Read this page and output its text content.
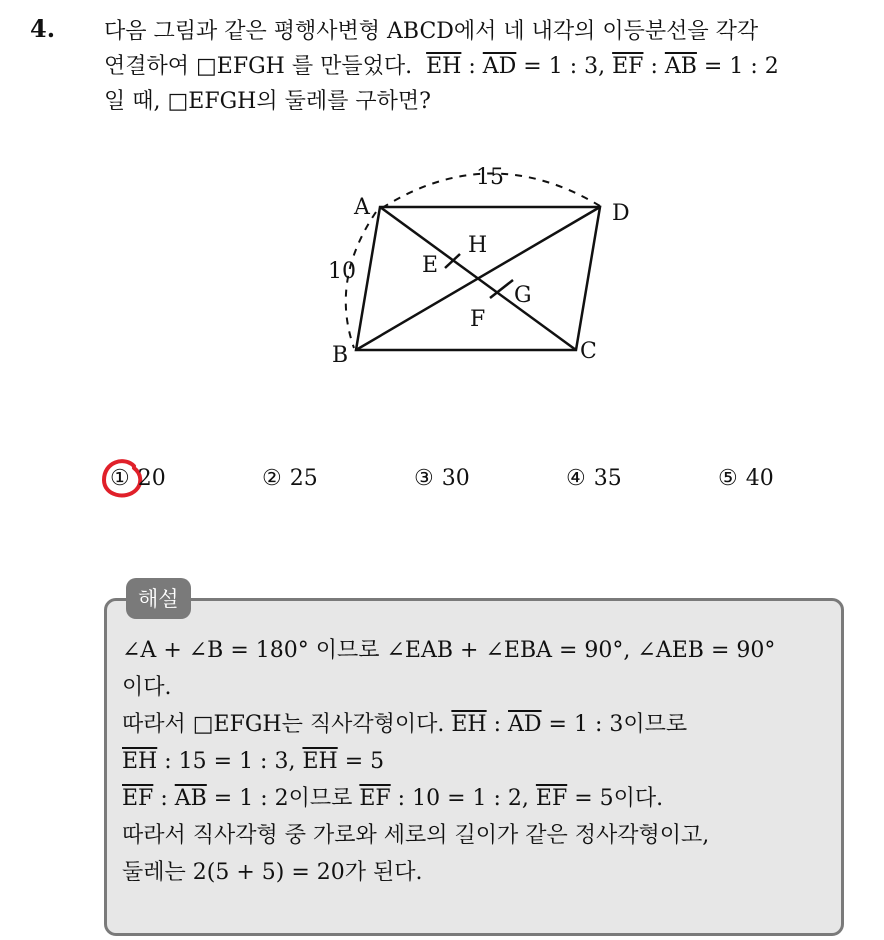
4. 다음 그림과 같은 평행사변형 ABCD에서 네 내각의 이등분선을 각각
연결하여 □EFGH 를 만들었다. $\overline{EH}$ : $\overline{AD} = 1$ : 3, $\overline{EF}$ : $\overline{AB} = 1$ : 2
일 때, □EFGH의 둘레를 구하면?
15
10
A	D
B	C
H
E
G
F
① 20	② 25	③ 30	④ 35	⑤ 40
해설
∠A + ∠B = 180° 이므로 ∠EAB + ∠EBA = 90°, ∠AEB = 90°
이다.
따라서 □EFGH는 직사각형이다. $\overline{EH}$ : $\overline{AD} = 1$ : 3이므로
$\overline{EH}$ : 15 = 1 : 3, $\overline{EH} = 5$
$\overline{EF}$ : $\overline{AB} = 1$ : 2이므로 $\overline{EF}$ : 10 = 1 : 2, $\overline{EF} = 5$이다.
따라서 직사각형 중 가로와 세로의 길이가 같은 정사각형이고,
둘레는 2(5 + 5) = 20가 된다.
